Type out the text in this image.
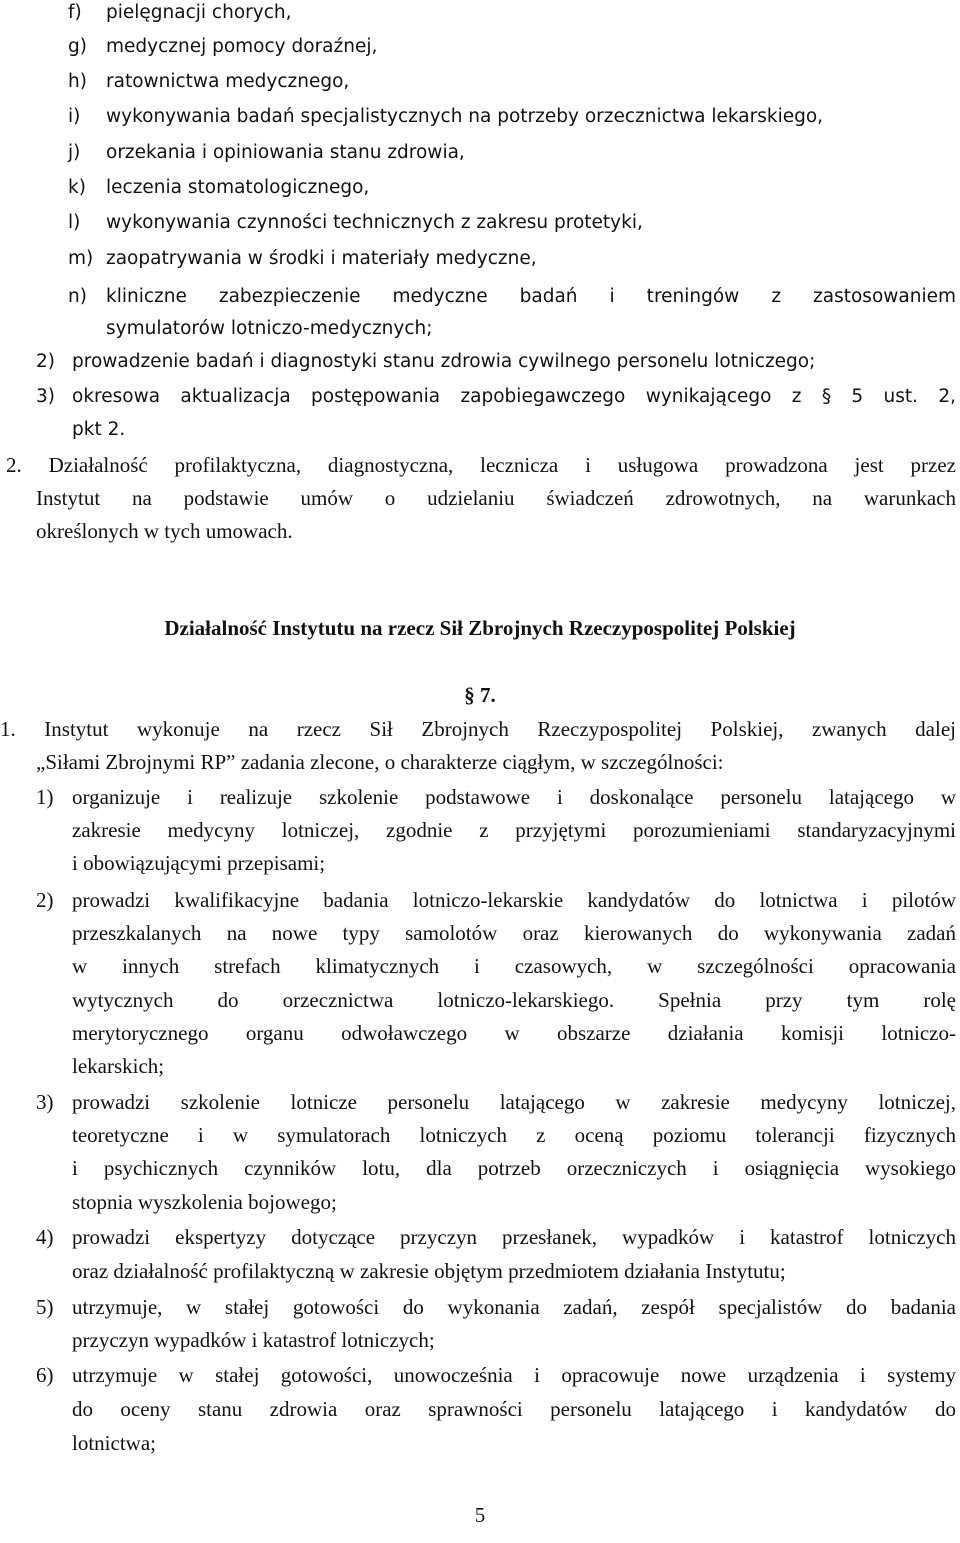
f) pielęgnacji chorych,
g) medycznej pomocy doraźnej,
h) ratownictwa medycznego,
i) wykonywania badań specjalistycznych na potrzeby orzecznictwa lekarskiego,
j) orzekania i opiniowania stanu zdrowia,
k) leczenia stomatologicznego,
l) wykonywania czynności technicznych z zakresu protetyki,
m) zaopatrywania w środki i materiały medyczne,
n) kliniczne zabezpieczenie medyczne badań i treningów z zastosowaniem
symulatorów lotniczo-medycznych;
2) prowadzenie badań i diagnostyki stanu zdrowia cywilnego personelu lotniczego;
3) okresowa aktualizacja postępowania zapobiegawczego wynikającego z § 5 ust. 2,
pkt 2.
2. Działalność profilaktyczna, diagnostyczna, lecznicza i usługowa prowadzona jest przez
Instytut na podstawie umów o udzielaniu świadczeń zdrowotnych, na warunkach
określonych w tych umowach.
Działalność Instytutu na rzecz Sił Zbrojnych Rzeczypospolitej Polskiej
§ 7.
1. Instytut wykonuje na rzecz Sił Zbrojnych Rzeczypospolitej Polskiej, zwanych dalej
„Siłami Zbrojnymi RP” zadania zlecone, o charakterze ciągłym, w szczególności:
1) organizuje i realizuje szkolenie podstawowe i doskonalące personelu latającego w
zakresie medycyny lotniczej, zgodnie z przyjętymi porozumieniami standaryzacyjnymi
i obowiązującymi przepisami;
2) prowadzi kwalifikacyjne badania lotniczo-lekarskie kandydatów do lotnictwa i pilotów
przeszkalanych na nowe typy samolotów oraz kierowanych do wykonywania zadań
w innych strefach klimatycznych i czasowych, w szczególności opracowania
wytycznych do orzecznictwa lotniczo-lekarskiego. Spełnia przy tym rolę
merytorycznego organu odwoławczego w obszarze działania komisji lotniczo-
lekarskich;
3) prowadzi szkolenie lotnicze personelu latającego w zakresie medycyny lotniczej,
teoretyczne i w symulatorach lotniczych z oceną poziomu tolerancji fizycznych
i psychicznych czynników lotu, dla potrzeb orzeczniczych i osiągnięcia wysokiego
stopnia wyszkolenia bojowego;
4) prowadzi ekspertyzy dotyczące przyczyn przesłanek, wypadków i katastrof lotniczych
oraz działalność profilaktyczną w zakresie objętym przedmiotem działania Instytutu;
5) utrzymuje, w stałej gotowości do wykonania zadań, zespół specjalistów do badania
przyczyn wypadków i katastrof lotniczych;
6) utrzymuje w stałej gotowości, unowocześnia i opracowuje nowe urządzenia i systemy
do oceny stanu zdrowia oraz sprawności personelu latającego i kandydatów do
lotnictwa;
5
